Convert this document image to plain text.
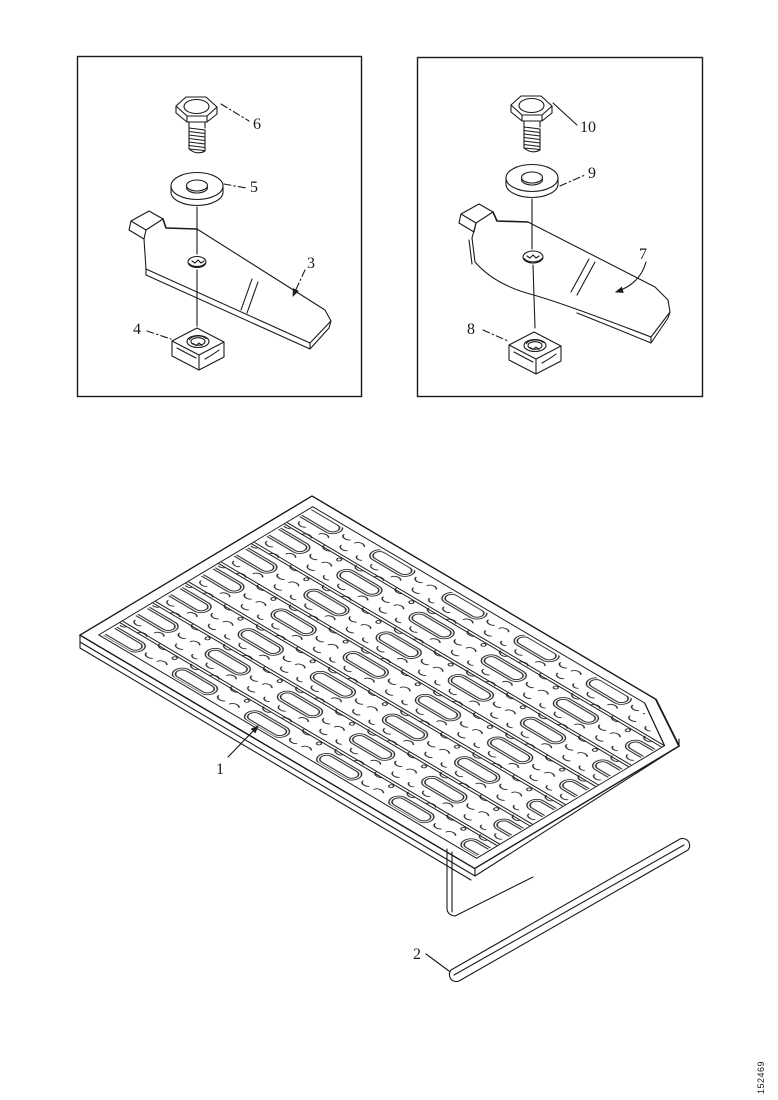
6
5
3
4
10
9
7
8
1
2
152469
